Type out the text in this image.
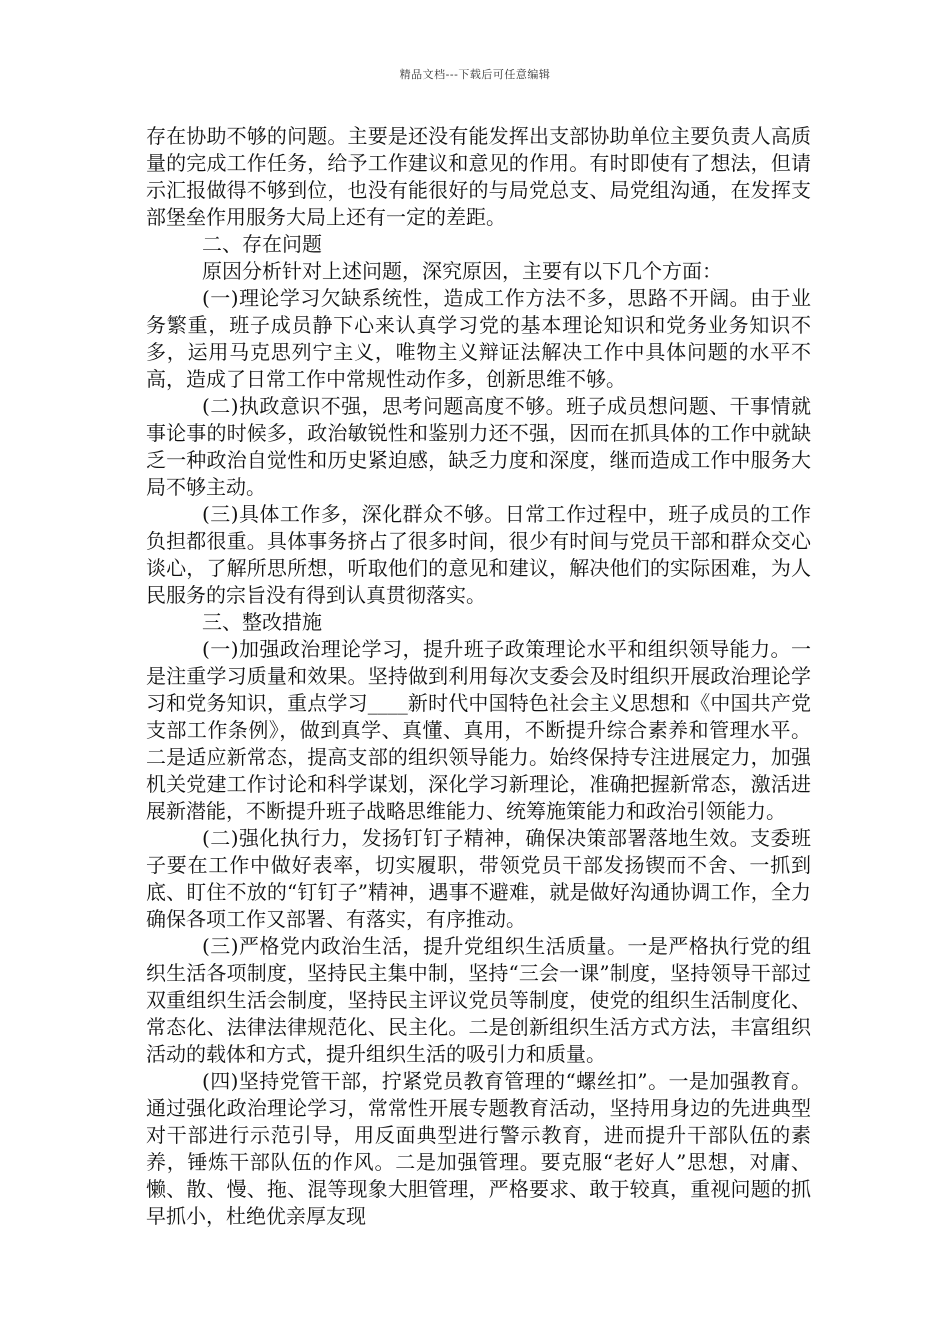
精品文档---下载后可任意编辑

存在协助不够的问题。主要是还没有能发挥出支部协助单位主要负责人高质量的完成工作任务，给予工作建议和意见的作用。有时即使有了想法，但请示汇报做得不够到位，也没有能很好的与局党总支、局党组沟通，在发挥支部堡垒作用服务大局上还有一定的差距。

二、存在问题

原因分析针对上述问题，深究原因，主要有以下几个方面：

(一)理论学习欠缺系统性，造成工作方法不多，思路不开阔。由于业务繁重，班子成员静下心来认真学习党的基本理论知识和党务业务知识不多，运用马克思列宁主义，唯物主义辩证法解决工作中具体问题的水平不高，造成了日常工作中常规性动作多，创新思维不够。

(二)执政意识不强，思考问题高度不够。班子成员想问题、干事情就事论事的时候多，政治敏锐性和鉴别力还不强，因而在抓具体的工作中就缺乏一种政治自觉性和历史紧迫感，缺乏力度和深度，继而造成工作中服务大局不够主动。

(三)具体工作多，深化群众不够。日常工作过程中，班子成员的工作负担都很重。具体事务挤占了很多时间，很少有时间与党员干部和群众交心谈心，了解所思所想，听取他们的意见和建议，解决他们的实际困难，为人民服务的宗旨没有得到认真贯彻落实。

三、整改措施

(一)加强政治理论学习，提升班子政策理论水平和组织领导能力。一是注重学习质量和效果。坚持做到利用每次支委会及时组织开展政治理论学习和党务知识，重点学习____新时代中国特色社会主义思想和《中国共产党支部工作条例》，做到真学、真懂、真用，不断提升综合素养和管理水平。二是适应新常态，提高支部的组织领导能力。始终保持专注进展定力，加强机关党建工作讨论和科学谋划，深化学习新理论，准确把握新常态，激活进展新潜能，不断提升班子战略思维能力、统筹施策能力和政治引领能力。

(二)强化执行力，发扬钉钉子精神，确保决策部署落地生效。支委班子要在工作中做好表率，切实履职，带领党员干部发扬锲而不舍、一抓到底、盯住不放的“钉钉子”精神，遇事不避难，就是做好沟通协调工作，全力确保各项工作又部署、有落实，有序推动。

(三)严格党内政治生活，提升党组织生活质量。一是严格执行党的组织生活各项制度，坚持民主集中制，坚持“三会一课”制度，坚持领导干部过双重组织生活会制度，坚持民主评议党员等制度，使党的组织生活制度化、常态化、法律法律规范化、民主化。二是创新组织生活方式方法，丰富组织活动的载体和方式，提升组织生活的吸引力和质量。

(四)坚持党管干部，拧紧党员教育管理的“螺丝扣”。一是加强教育。通过强化政治理论学习，常常性开展专题教育活动，坚持用身边的先进典型对干部进行示范引导，用反面典型进行警示教育，进而提升干部队伍的素养，锤炼干部队伍的作风。二是加强管理。要克服“老好人”思想，对庸、懒、散、慢、拖、混等现象大胆管理，严格要求、敢于较真，重视问题的抓早抓小，杜绝优亲厚友现
